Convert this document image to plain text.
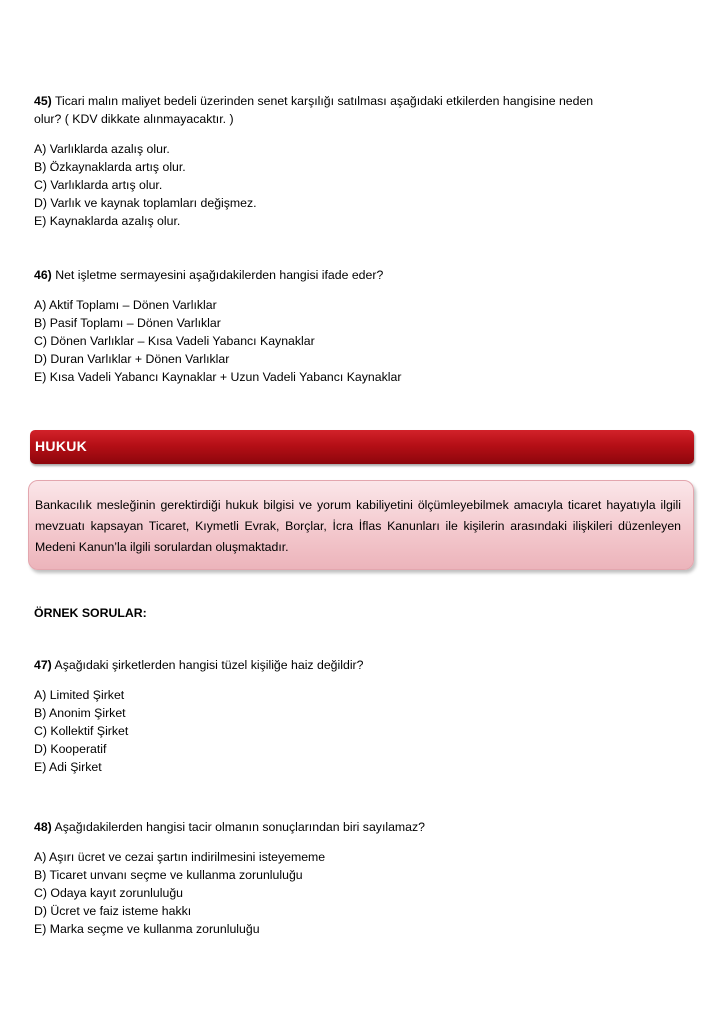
45) Ticari malın maliyet bedeli üzerinden senet karşılığı satılması aşağıdaki etkilerden hangisine neden
olur? ( KDV dikkate alınmayacaktır. )
A) Varlıklarda azalış olur.
B) Özkaynaklarda artış olur.
C) Varlıklarda artış olur.
D) Varlık ve kaynak toplamları değişmez.
E) Kaynaklarda azalış olur.
46) Net işletme sermayesini aşağıdakilerden hangisi ifade eder?
A) Aktif Toplamı – Dönen Varlıklar
B) Pasif Toplamı – Dönen Varlıklar
C) Dönen Varlıklar – Kısa Vadeli Yabancı Kaynaklar
D) Duran Varlıklar + Dönen Varlıklar
E) Kısa Vadeli Yabancı Kaynaklar + Uzun Vadeli Yabancı Kaynaklar
HUKUK
Bankacılık mesleğinin gerektirdiği hukuk bilgisi ve yorum kabiliyetini ölçümleyebilmek amacıyla ticaret hayatıyla ilgili mevzuatı kapsayan Ticaret, Kıymetli Evrak, Borçlar, İcra İflas Kanunları ile kişilerin arasındaki ilişkileri düzenleyen Medeni Kanun’la ilgili sorulardan oluşmaktadır.
ÖRNEK SORULAR:
47) Aşağıdaki şirketlerden hangisi tüzel kişiliğe haiz değildir?
A) Limited Şirket
B) Anonim Şirket
C) Kollektif Şirket
D) Kooperatif
E) Adi Şirket
48) Aşağıdakilerden hangisi tacir olmanın sonuçlarından biri sayılamaz?
A) Aşırı ücret ve cezai şartın indirilmesini isteyememe
B) Ticaret unvanı seçme ve kullanma zorunluluğu
C) Odaya kayıt zorunluluğu
D) Ücret ve faiz isteme hakkı
E) Marka seçme ve kullanma zorunluluğu
